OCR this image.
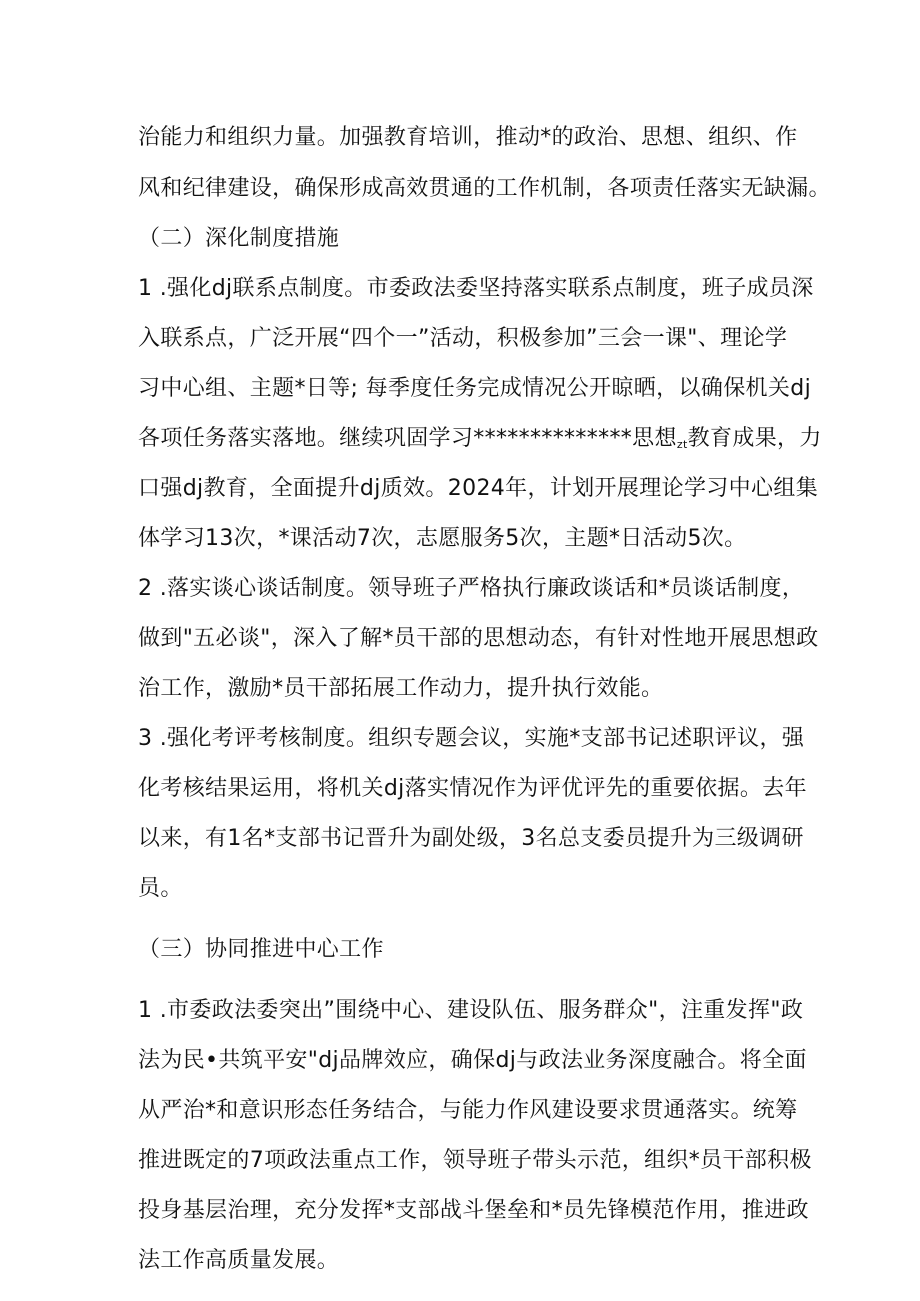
治能力和组织力量。加强教育培训，推动*的政治、思想、组织、作
风和纪律建设，确保形成高效贯通的工作机制，各项责任落实无缺漏。
（二）深化制度措施
1 .强化dj联系点制度。市委政法委坚持落实联系点制度，班子成员深
入联系点，广泛开展“四个一”活动，积极参加”三会一课"、理论学
习中心组、主题*日等; 每季度任务完成情况公开晾晒，以确保机关dj
各项任务落实落地。继续巩固学习**************思想$_{zt}$教育成果，力
口强dj教育，全面提升dj质效。2024年，计划开展理论学习中心组集
体学习13次，*课活动7次，志愿服务5次，主题*日活动5次。
2 .落实谈心谈话制度。领导班子严格执行廉政谈话和*员谈话制度，
做到"五必谈"，深入了解*员干部的思想动态，有针对性地开展思想政
治工作，激励*员干部拓展工作动力，提升执行效能。
3 .强化考评考核制度。组织专题会议，实施*支部书记述职评议，强
化考核结果运用，将机关dj落实情况作为评优评先的重要依据。去年
以来，有1名*支部书记晋升为副处级，3名总支委员提升为三级调研
员。
（三）协同推进中心工作
1 .市委政法委突出”围绕中心、建设队伍、服务群众"，注重发挥"政
法为民•共筑平安"dj品牌效应，确保dj与政法业务深度融合。将全面
从严治*和意识形态任务结合，与能力作风建设要求贯通落实。统筹
推进既定的7项政法重点工作，领导班子带头示范，组织*员干部积极
投身基层治理，充分发挥*支部战斗堡垒和*员先锋模范作用，推进政
法工作高质量发展。
